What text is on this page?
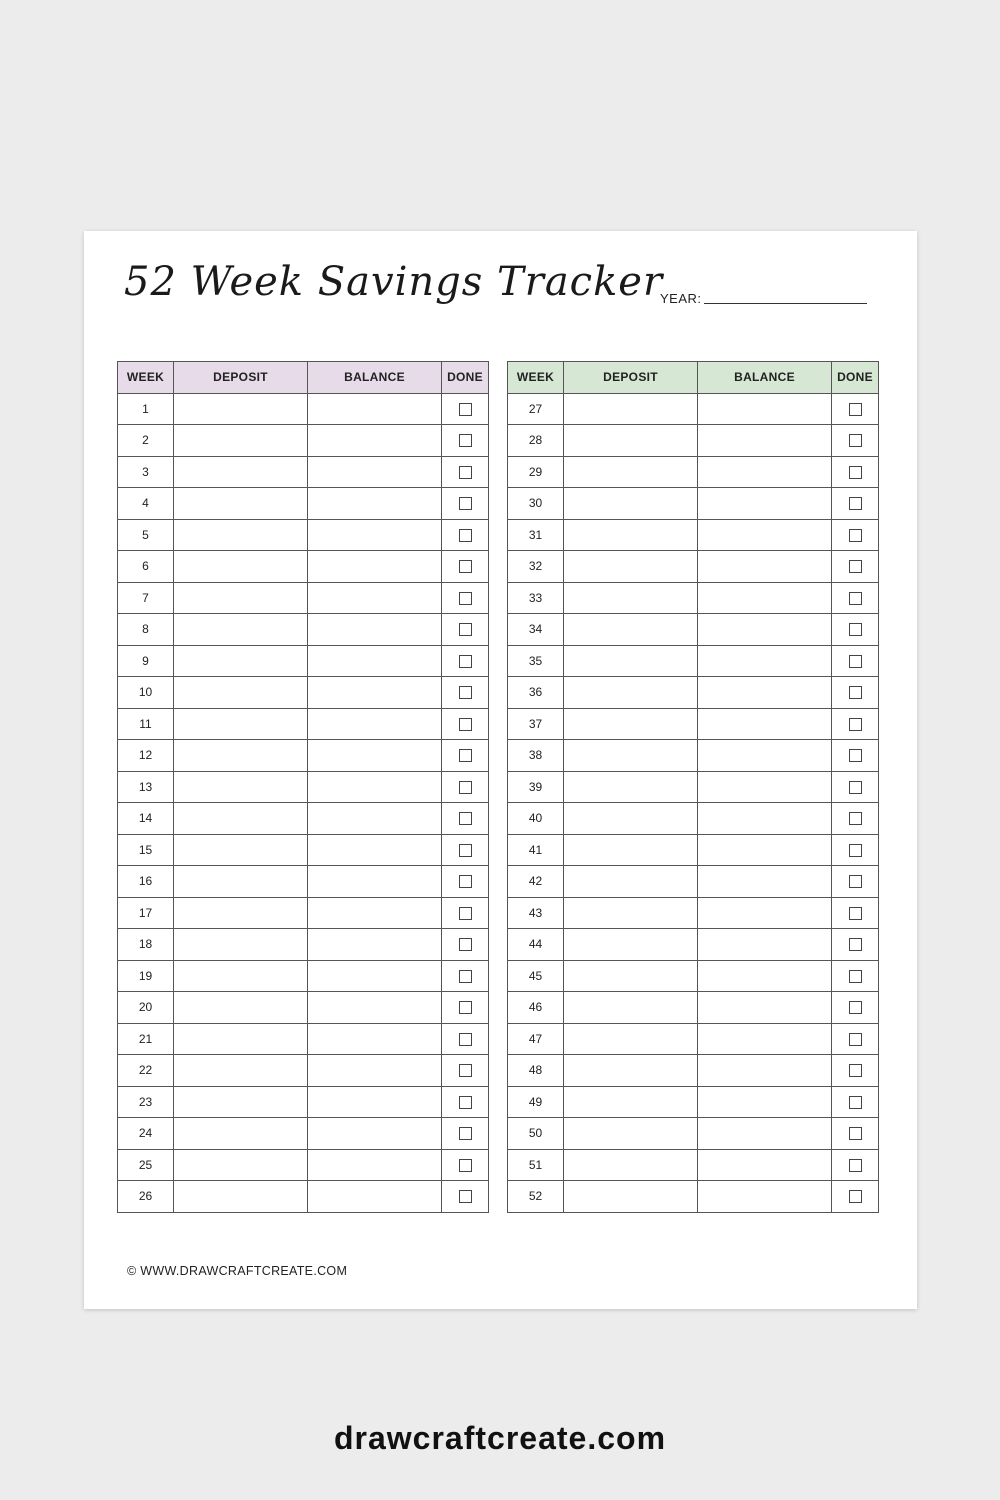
52 Week Savings Tracker
YEAR:
WEEK	DEPOSIT	BALANCE	DONE
1			
2			
3			
4			
5			
6			
7			
8			
9			
10			
11			
12			
13			
14			
15			
16			
17			
18			
19			
20			
21			
22			
23			
24			
25			
26			
WEEK	DEPOSIT	BALANCE	DONE
27			
28			
29			
30			
31			
32			
33			
34			
35			
36			
37			
38			
39			
40			
41			
42			
43			
44			
45			
46			
47			
48			
49			
50			
51			
52			
© WWW.DRAWCRAFTCREATE.COM
drawcraftcreate.com
